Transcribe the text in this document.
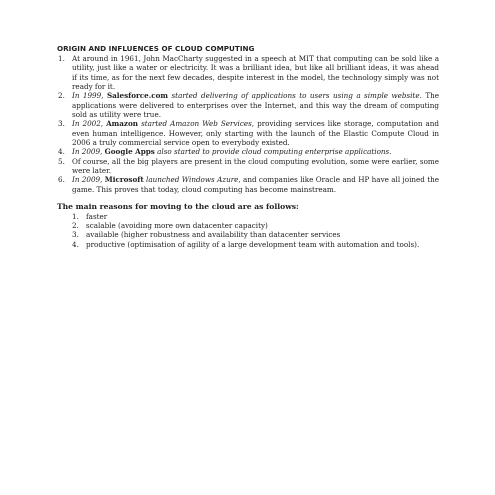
ORIGIN AND INFLUENCES OF CLOUD COMPUTING
1. At around in 1961, John MacCharty suggested in a speech at MIT that computing can be sold like a utility, just like a water or electricity. It was a brilliant idea, but like all brilliant ideas, it was ahead if its time, as for the next few decades, despite interest in the model, the technology simply was not ready for it.
2. In 1999, Salesforce.com started delivering of applications to users using a simple website. The applications were delivered to enterprises over the Internet, and this way the dream of computing sold as utility were true.
3. In 2002, Amazon started Amazon Web Services, providing services like storage, computation and even human intelligence. However, only starting with the launch of the Elastic Compute Cloud in 2006 a truly commercial service open to everybody existed.
4. In 2009, Google Apps also started to provide cloud computing enterprise applications.
5. Of course, all the big players are present in the cloud computing evolution, some were earlier, some were later.
6. In 2009, Microsoft launched Windows Azure, and companies like Oracle and HP have all joined the game. This proves that today, cloud computing has become mainstream.
The main reasons for moving to the cloud are as follows:
1. faster
2. scalable (avoiding more own datacenter capacity)
3. available (higher robustness and availability than datacenter services
4. productive (optimisation of agility of a large development team with automation and tools).
